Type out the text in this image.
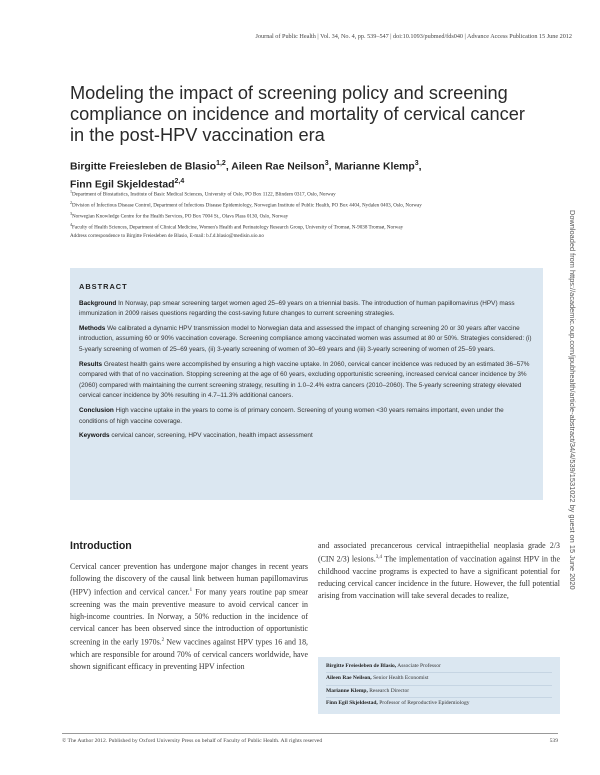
Journal of Public Health | Vol. 34, No. 4, pp. 539–547 | doi:10.1093/pubmed/fds040 | Advance Access Publication 15 June 2012
Modeling the impact of screening policy and screening compliance on incidence and mortality of cervical cancer in the post-HPV vaccination era
Birgitte Freiesleben de Blasio$^{1,2}$, Aileen Rae Neilson$^3$, Marianne Klemp$^3$,
Finn Egil Skjeldestad$^{2,4}$
$^1$Department of Biostatistics, Institute of Basic Medical Sciences, University of Oslo, PO Box 1122, Blindern 0317, Oslo, Norway
$^2$Division of Infectious Disease Control, Department of Infectious Disease Epidemiology, Norwegian Institute of Public Health, PO Box 4404, Nydalen 0403, Oslo, Norway
$^3$Norwegian Knowledge Centre for the Health Services, PO Box 7004 St., Olavs Plass 0130, Oslo, Norway
$^4$Faculty of Health Sciences, Department of Clinical Medicine, Women's Health and Perinatology Research Group, University of Tromsø, N-9038 Tromsø, Norway
Address correspondence to Birgitte Freiesleben de Blasio, E-mail: b.f.d.blasio@medisin.uio.no	Downloaded from https://academic.oup.com/jpubhealth/article-abstract/34/4/539/1531022 by guest on 15 June 2020
ABSTRACT

Background In Norway, pap smear screening target women aged 25–69 years on a triennial basis. The introduction of human papillomavirus (HPV) mass immunization in 2009 raises questions regarding the cost-saving future changes to current screening strategies.

Methods We calibrated a dynamic HPV transmission model to Norwegian data and assessed the impact of changing screening 20 or 30 years after vaccine introduction, assuming 60 or 90% vaccination coverage. Screening compliance among vaccinated women was assumed at 80 or 50%. Strategies considered: (i) 5-yearly screening of women of 25–69 years, (ii) 3-yearly screening of women of 30–69 years and (iii) 3-yearly screening of women of 25–59 years.

Results Greatest health gains were accomplished by ensuring a high vaccine uptake. In 2060, cervical cancer incidence was reduced by an estimated 36–57% compared with that of no vaccination. Stopping screening at the age of 60 years, excluding opportunistic screening, increased cervical cancer incidence by 3% (2060) compared with maintaining the current screening strategy, resulting in 1.0–2.4% extra cancers (2010–2060). The 5-yearly screening strategy elevated cervical cancer incidence by 30% resulting in 4.7–11.3% additional cancers.

Conclusion High vaccine uptake in the years to come is of primary concern. Screening of young women <30 years remains important, even under the conditions of high vaccine coverage.

Keywords cervical cancer, screening, HPV vaccination, health impact assessment

Introduction
Cervical cancer prevention has undergone major changes in recent years following the discovery of the causal link between human papillomavirus (HPV) infection and cervical cancer.$^1$ For many years routine pap smear screening was the main preventive measure to avoid cervical cancer in high-income countries. In Norway, a 50% reduction in the incidence of cervical cancer has been observed since the introduction of opportunistic screening in the early 1970s.$^2$ New vaccines against HPV types 16 and 18, which are responsible for around 70% of cervical cancers worldwide, have shown significant efficacy in preventing HPV infection
and associated precancerous cervical intraepithelial neoplasia grade 2/3 (CIN 2/3) lesions.$^{3,4}$ The implementation of vaccination against HPV in the childhood vaccine programs is expected to have a significant potential for reducing cervical cancer incidence in the future. However, the full potential arising from vaccination will take several decades to realize,
Birgitte Freiesleben de Blasio, Associate Professor
Aileen Rae Neilson, Senior Health Economist
Marianne Klemp, Research Director
Finn Egil Skjeldestad, Professor of Reproductive Epidemiology
© The Author 2012. Published by Oxford University Press on behalf of Faculty of Public Health. All rights reserved	539
